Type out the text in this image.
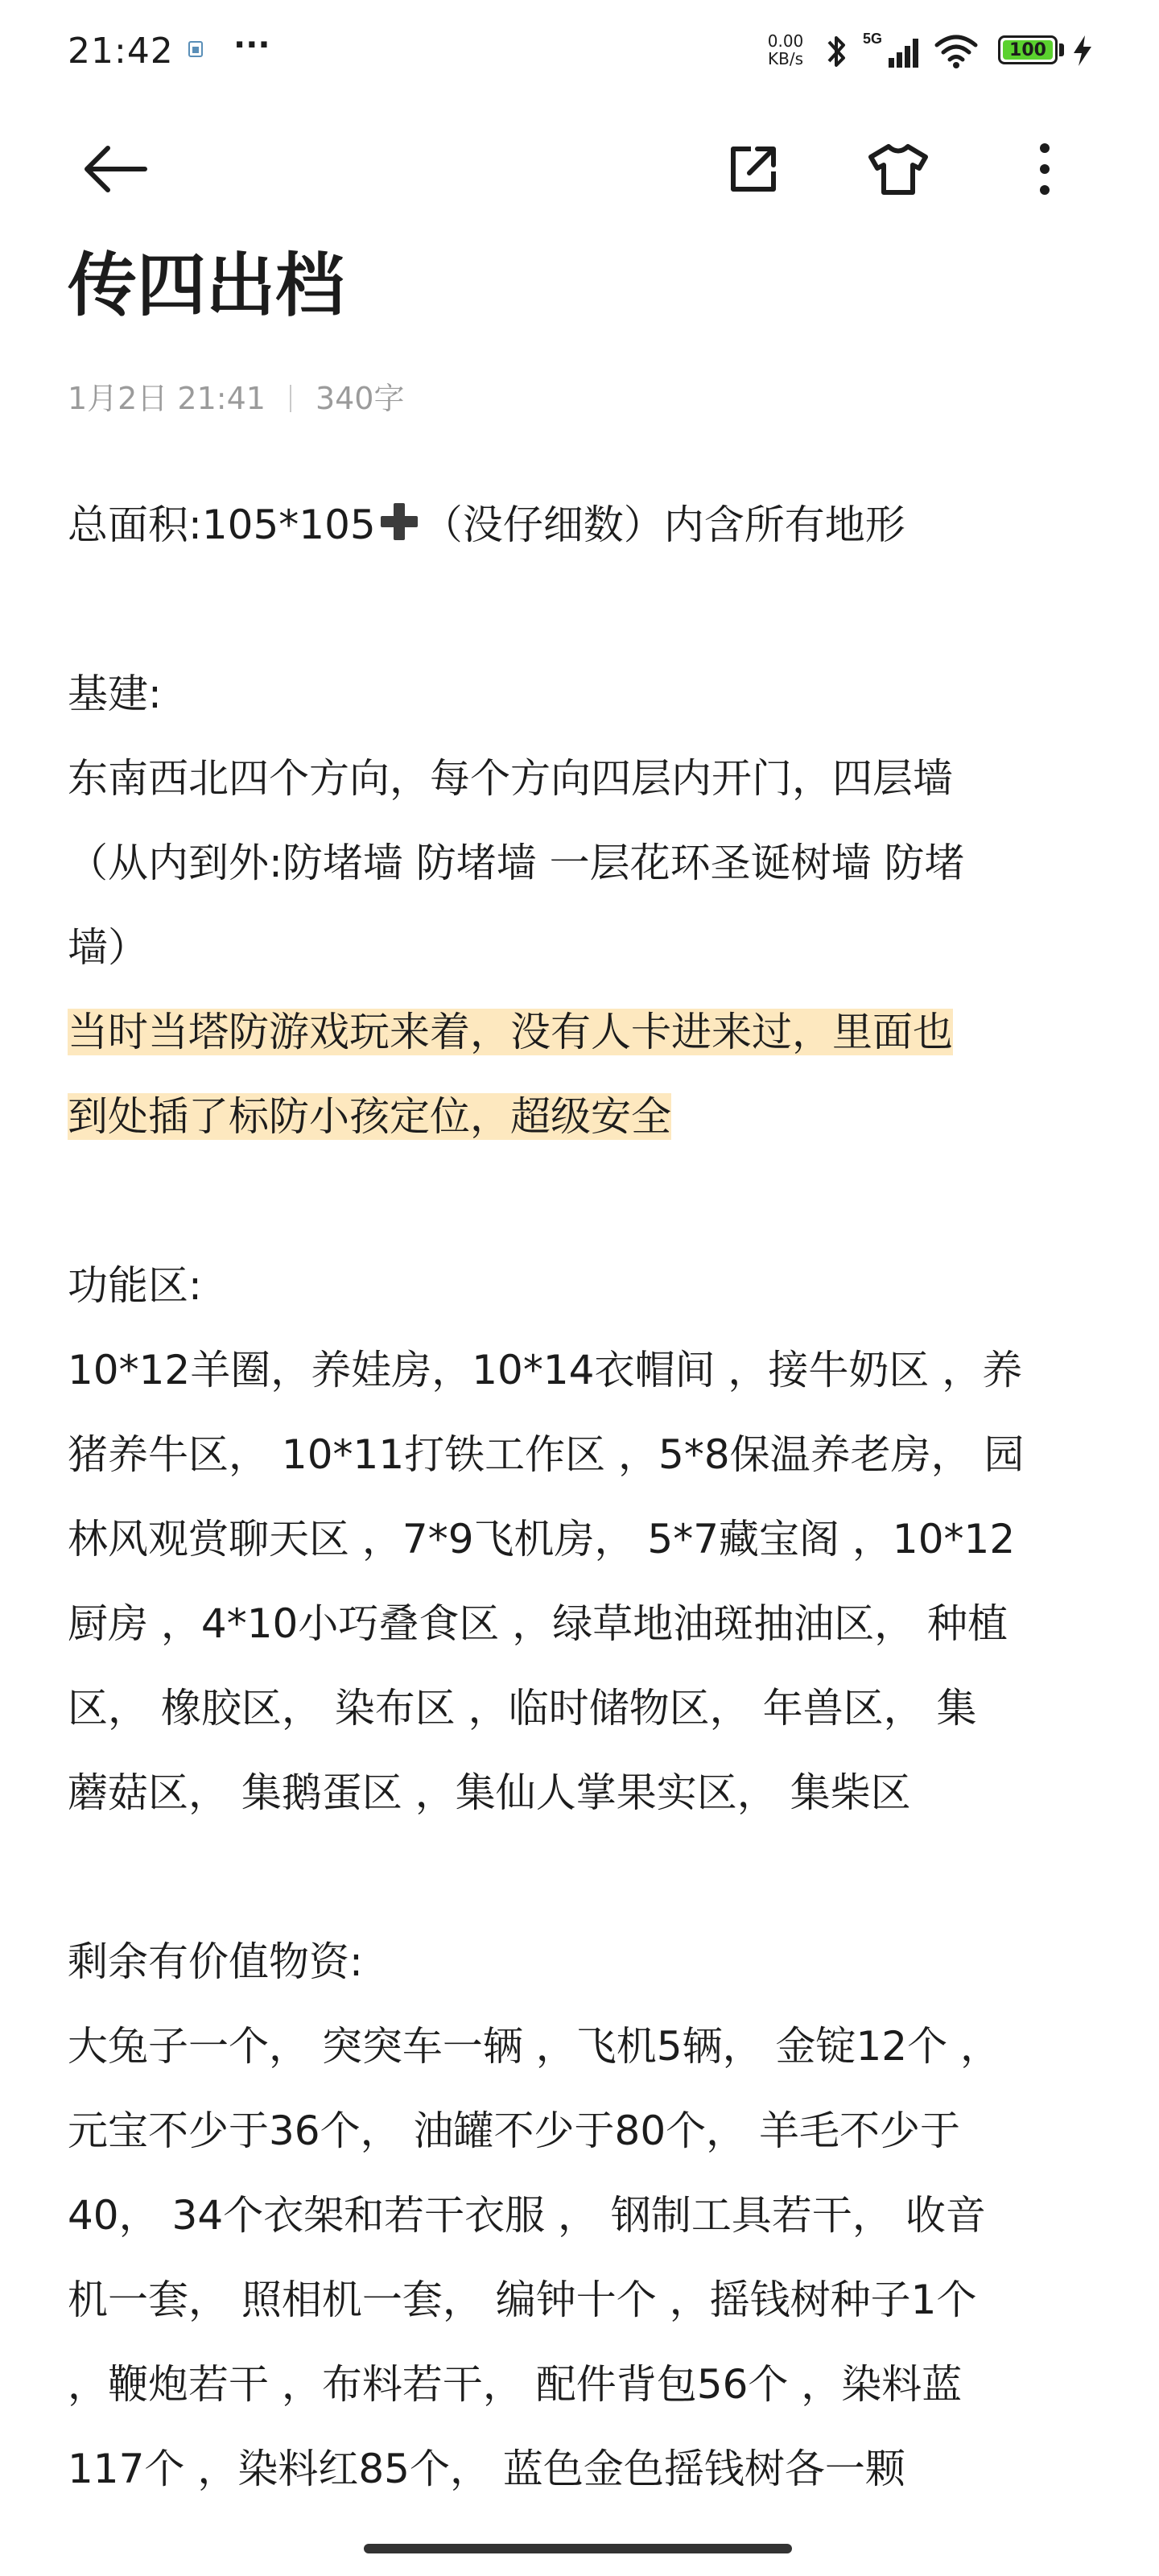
21:42 ···	0.00
KB/s
5G
100
传四出档
1月2日 21:41 340字

总面积:105*105 （没仔细数）内含所有地形

基建:

东南西北四个方向，每个方向四层内开门，四层墙

（从内到外:防堵墙 防堵墙 一层花环圣诞树墙 防堵

墙）

当时当塔防游戏玩来着，没有人卡进来过，里面也

到处插了标防小孩定位，超级安全

功能区:

10*12羊圈，养娃房，10*14衣帽间 ，接牛奶区 ，养

猪养牛区， 10*11打铁工作区 ，5*8保温养老房， 园

林风观赏聊天区 ，7*9飞机房， 5*7藏宝阁 ，10*12

厨房 ，4*10小巧叠食区 ，绿草地油斑抽油区， 种植

区， 橡胶区， 染布区 ，临时储物区， 年兽区， 集

蘑菇区， 集鹅蛋区 ，集仙人掌果实区， 集柴区

剩余有价值物资:

大兔子一个， 突突车一辆 ，飞机5辆， 金锭12个 ，

元宝不少于36个， 油罐不少于80个， 羊毛不少于

40， 34个衣架和若干衣服 ， 钢制工具若干， 收音

机一套， 照相机一套， 编钟十个 ，摇钱树种子1个

，鞭炮若干 ，布料若干， 配件背包56个 ，染料蓝

117个 ，染料红85个， 蓝色金色摇钱树各一颗
